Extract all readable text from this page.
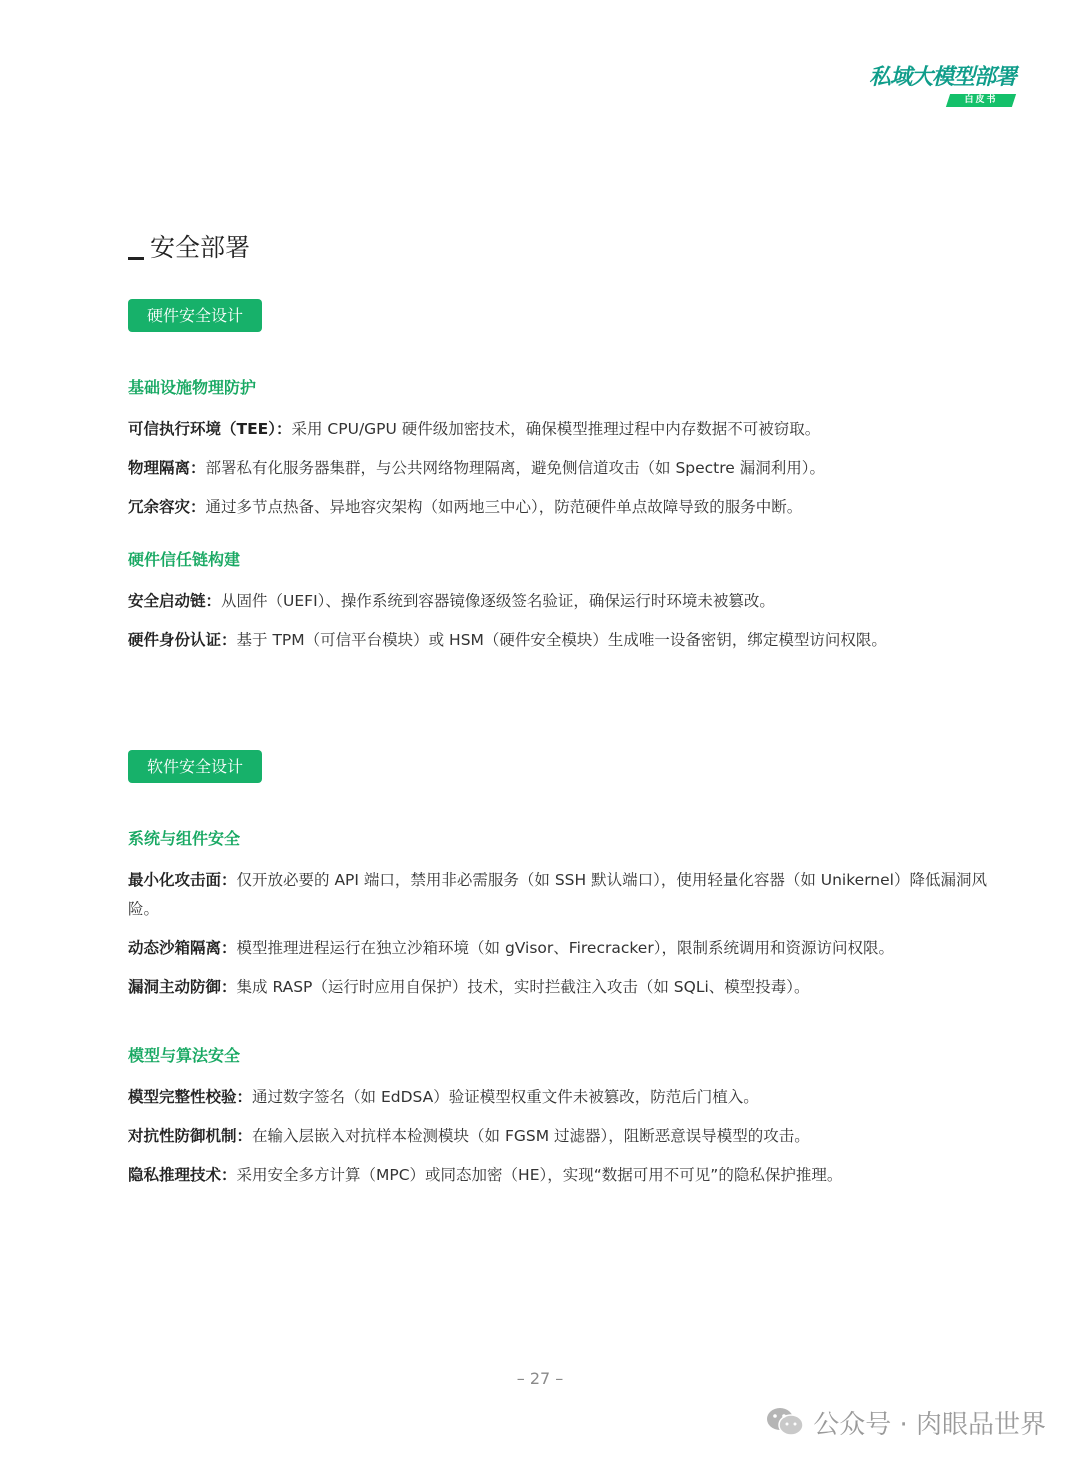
私域大模型部署
白皮书
安全部署
硬件安全设计
基础设施物理防护
可信执行环境（TEE）：采用 CPU/GPU 硬件级加密技术，确保模型推理过程中内存数据不可被窃取。
物理隔离：部署私有化服务器集群，与公共网络物理隔离，避免侧信道攻击（如 Spectre 漏洞利用）。
冗余容灾：通过多节点热备、异地容灾架构（如两地三中心），防范硬件单点故障导致的服务中断。
硬件信任链构建
安全启动链：从固件（UEFI）、操作系统到容器镜像逐级签名验证，确保运行时环境未被篡改。
硬件身份认证：基于 TPM（可信平台模块）或 HSM（硬件安全模块）生成唯一设备密钥，绑定模型访问权限。
软件安全设计
系统与组件安全
最小化攻击面：仅开放必要的 API 端口，禁用非必需服务（如 SSH 默认端口），使用轻量化容器（如 Unikernel）降低漏洞风险。
动态沙箱隔离：模型推理进程运行在独立沙箱环境（如 gVisor、Firecracker），限制系统调用和资源访问权限。
漏洞主动防御：集成 RASP（运行时应用自保护）技术，实时拦截注入攻击（如 SQLi、模型投毒）。
模型与算法安全
模型完整性校验：通过数字签名（如 EdDSA）验证模型权重文件未被篡改，防范后门植入。
对抗性防御机制：在输入层嵌入对抗样本检测模块（如 FGSM 过滤器），阻断恶意误导模型的攻击。
隐私推理技术：采用安全多方计算（MPC）或同态加密（HE），实现“数据可用不可见”的隐私保护推理。
– 27 –
公众号 · 肉眼品世界
